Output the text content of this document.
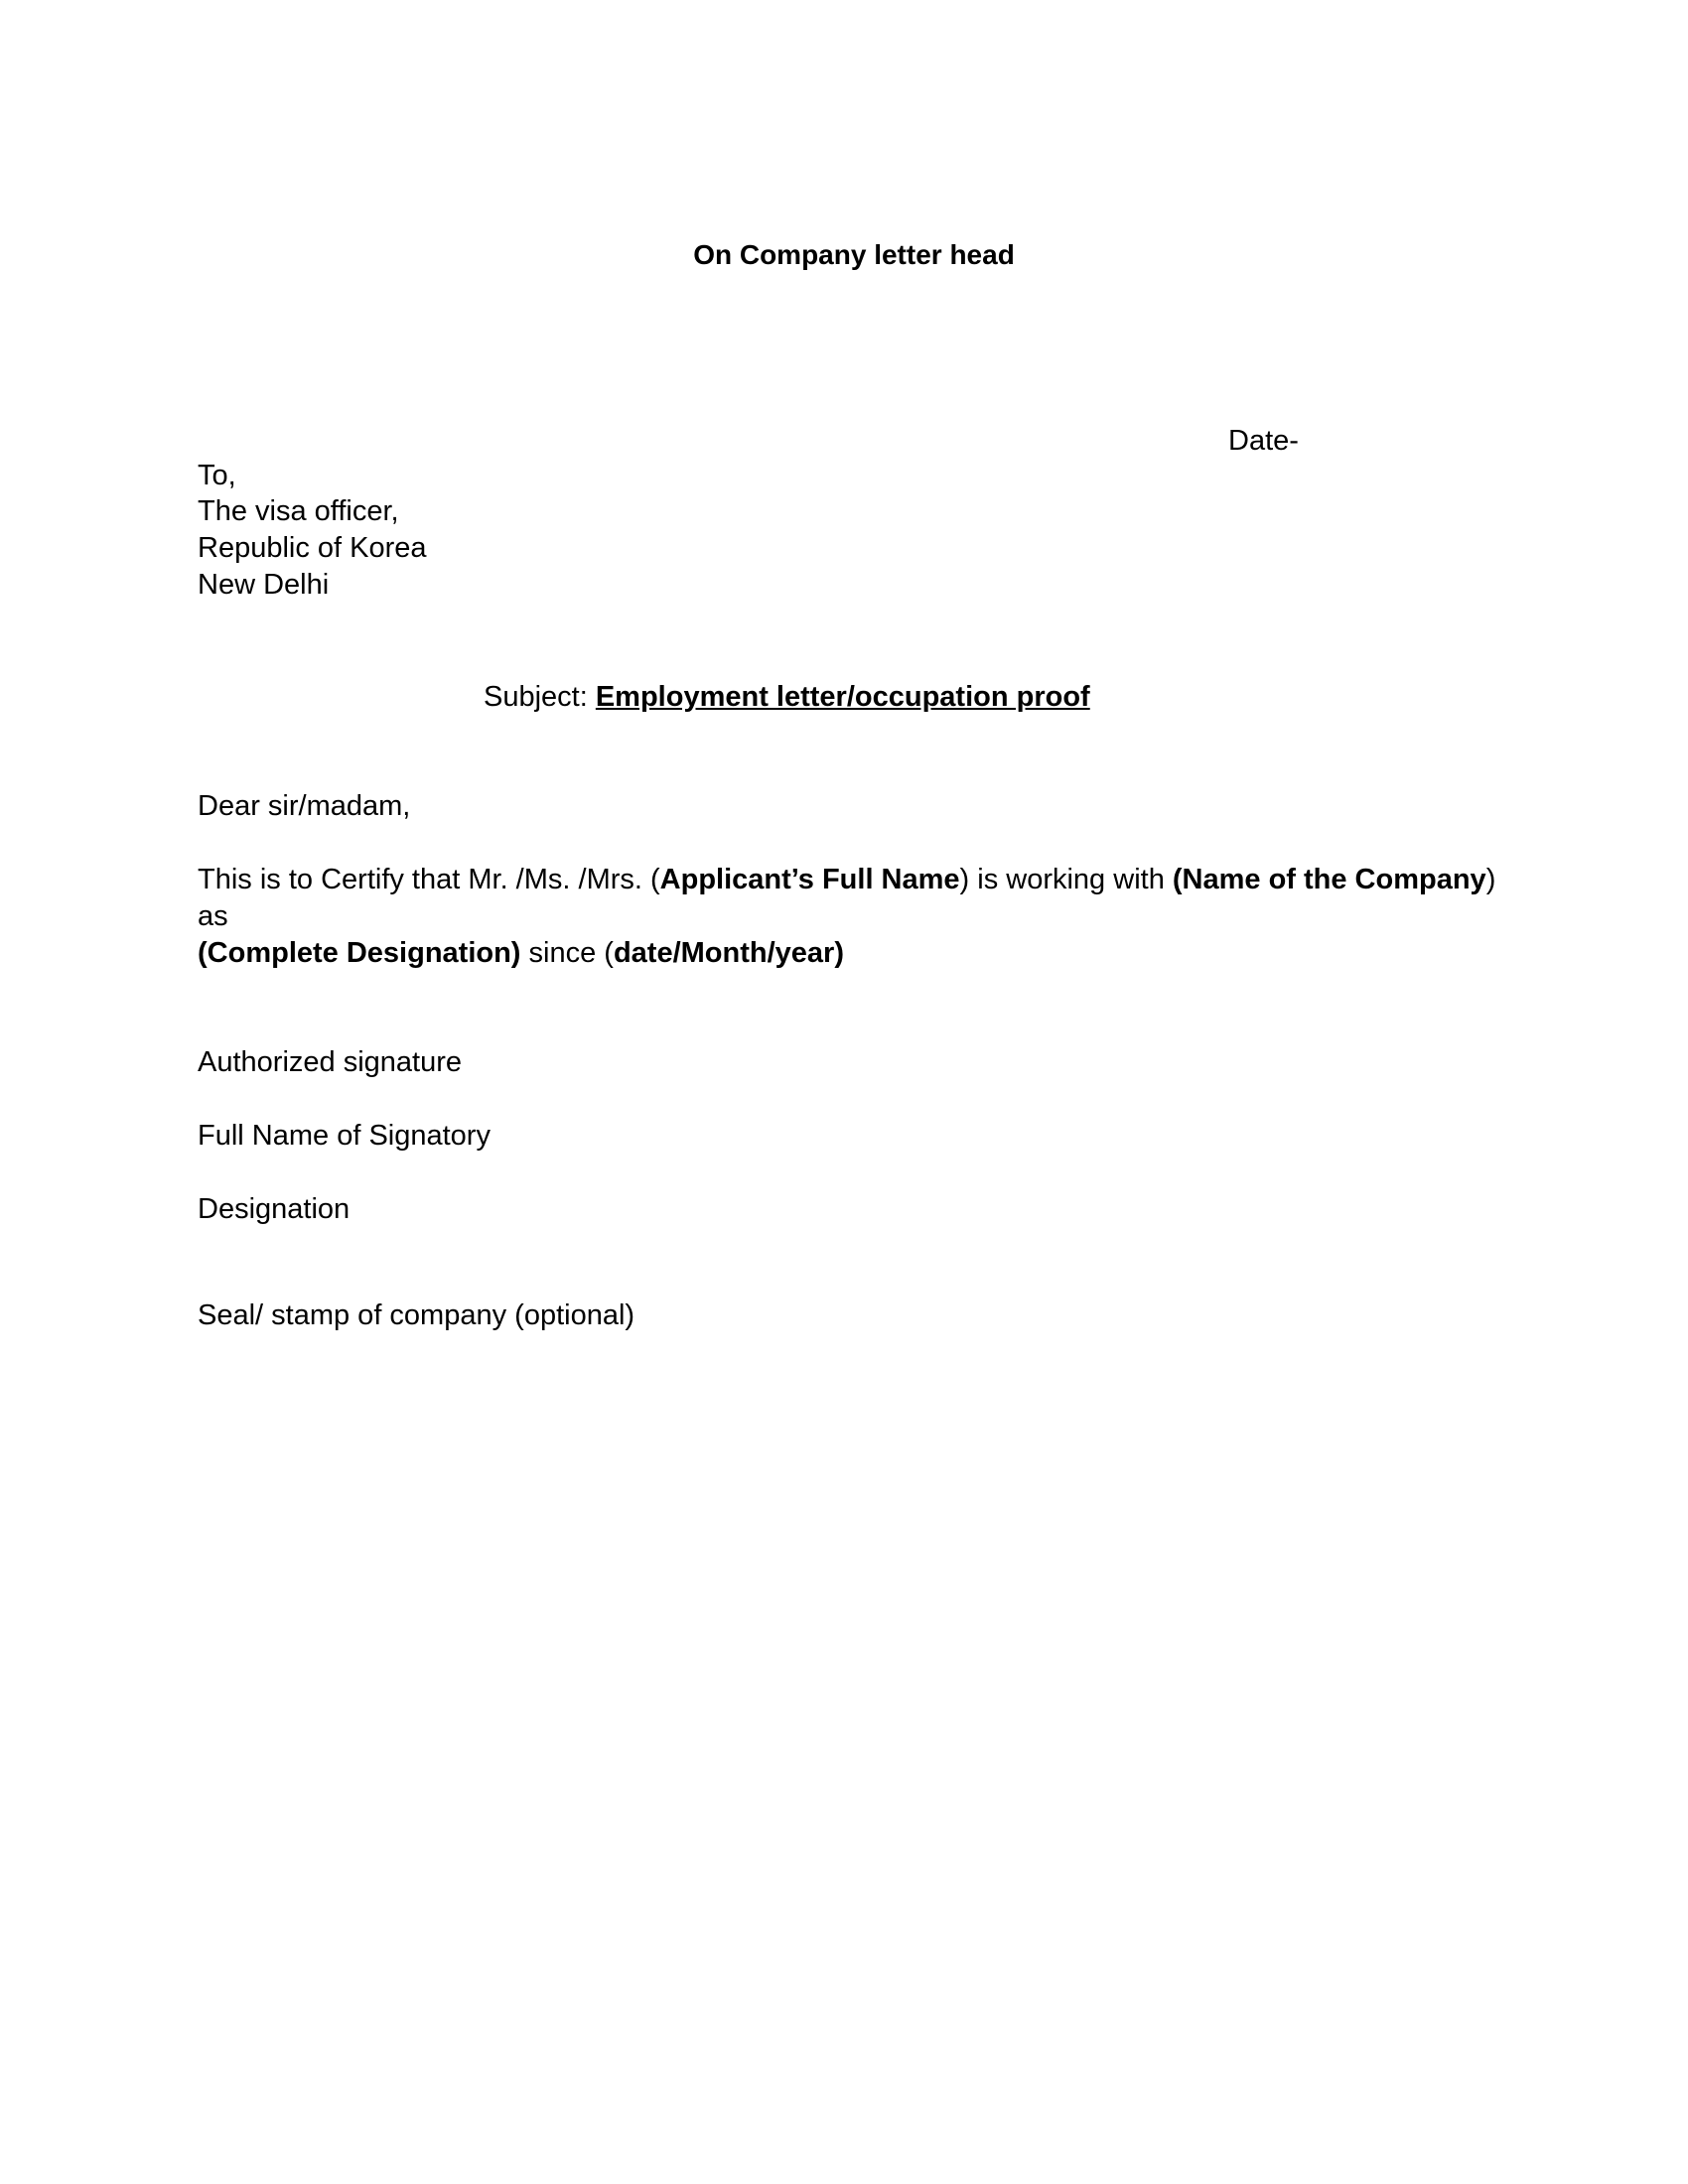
On Company letter head
Date-
To,
The visa officer,
Republic of Korea
New Delhi
Subject: Employment letter/occupation proof
Dear sir/madam,
This is to Certify that Mr. /Ms. /Mrs. (Applicant’s Full Name) is working with (Name of the Company) as
(Complete Designation) since (date/Month/year)
Authorized signature
Full Name of Signatory
Designation
Seal/ stamp of company (optional)
